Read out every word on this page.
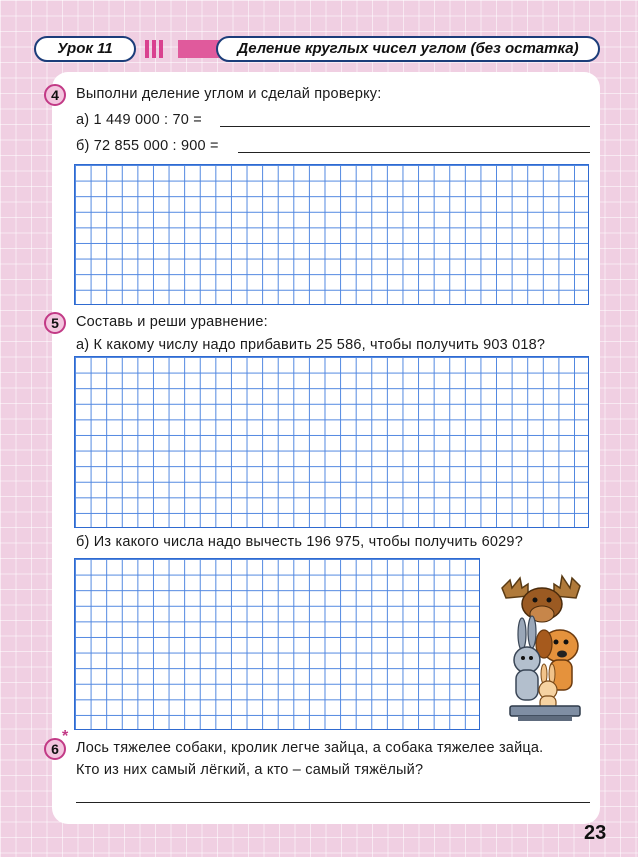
Урок 11	Деление круглых чисел углом (без остатка)
4	Выполни деление углом и сделай проверку:
а) 1 449 000 : 70 =
б) 72 855 000 : 900 =
5	Составь и реши уравнение:
а) К какому числу надо прибавить 25 586, чтобы получить 903 018?
б) Из какого числа надо вычесть 196 975, чтобы получить 6029?
6
*
Лось тяжелее собаки, кролик легче зайца, а собака тяжелее зайца.
Кто из них самый лёгкий, а кто – самый тяжёлый?
23
